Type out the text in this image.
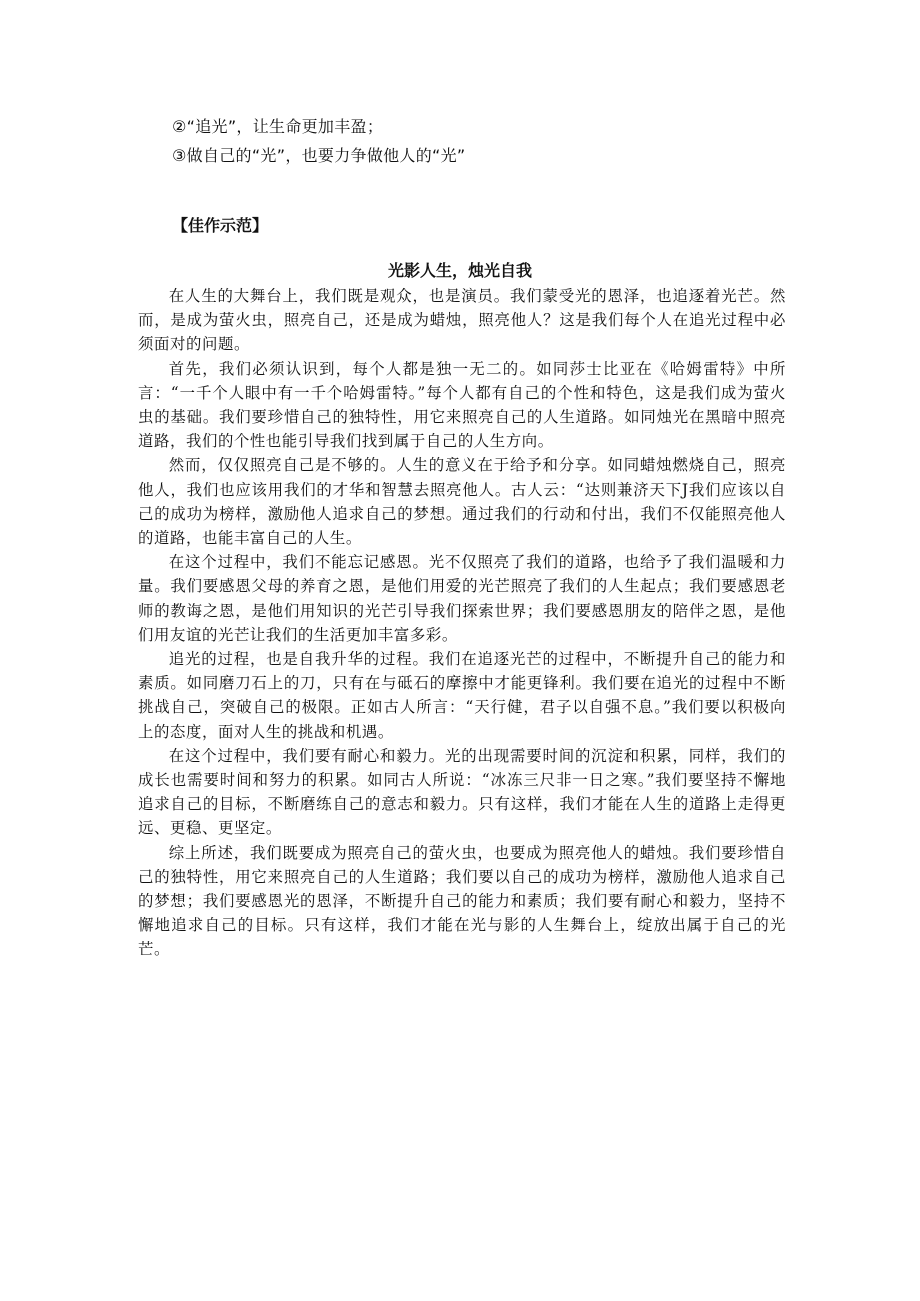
②“追光”，让生命更加丰盈；
③做自己的“光”，也要力争做他人的“光”
【佳作示范】
光影人生，烛光自我

在人生的大舞台上，我们既是观众，也是演员。我们蒙受光的恩泽，也追逐着光芒。然而，是成为萤火虫，照亮自己，还是成为蜡烛，照亮他人？这是我们每个人在追光过程中必须面对的问题。

首先，我们必须认识到，每个人都是独一无二的。如同莎士比亚在《哈姆雷特》中所言：“一千个人眼中有一千个哈姆雷特。”每个人都有自己的个性和特色，这是我们成为萤火虫的基础。我们要珍惜自己的独特性，用它来照亮自己的人生道路。如同烛光在黑暗中照亮道路，我们的个性也能引导我们找到属于自己的人生方向。

然而，仅仅照亮自己是不够的。人生的意义在于给予和分享。如同蜡烛燃烧自己，照亮他人，我们也应该用我们的才华和智慧去照亮他人。古人云：“达则兼济天下J我们应该以自己的成功为榜样，激励他人追求自己的梦想。通过我们的行动和付出，我们不仅能照亮他人的道路，也能丰富自己的人生。

在这个过程中，我们不能忘记感恩。光不仅照亮了我们的道路，也给予了我们温暖和力量。我们要感恩父母的养育之恩，是他们用爱的光芒照亮了我们的人生起点；我们要感恩老师的教诲之恩，是他们用知识的光芒引导我们探索世界；我们要感恩朋友的陪伴之恩，是他们用友谊的光芒让我们的生活更加丰富多彩。

追光的过程，也是自我升华的过程。我们在追逐光芒的过程中，不断提升自己的能力和素质。如同磨刀石上的刀，只有在与砥石的摩擦中才能更锋利。我们要在追光的过程中不断挑战自己，突破自己的极限。正如古人所言：“天行健，君子以自强不息。”我们要以积极向上的态度，面对人生的挑战和机遇。

在这个过程中，我们要有耐心和毅力。光的出现需要时间的沉淀和积累，同样，我们的成长也需要时间和努力的积累。如同古人所说：“冰冻三尺非一日之寒。”我们要坚持不懈地追求自己的目标，不断磨练自己的意志和毅力。只有这样，我们才能在人生的道路上走得更远、更稳、更坚定。

综上所述，我们既要成为照亮自己的萤火虫，也要成为照亮他人的蜡烛。我们要珍惜自己的独特性，用它来照亮自己的人生道路；我们要以自己的成功为榜样，激励他人追求自己的梦想；我们要感恩光的恩泽，不断提升自己的能力和素质；我们要有耐心和毅力，坚持不懈地追求自己的目标。只有这样，我们才能在光与影的人生舞台上，绽放出属于自己的光芒。
